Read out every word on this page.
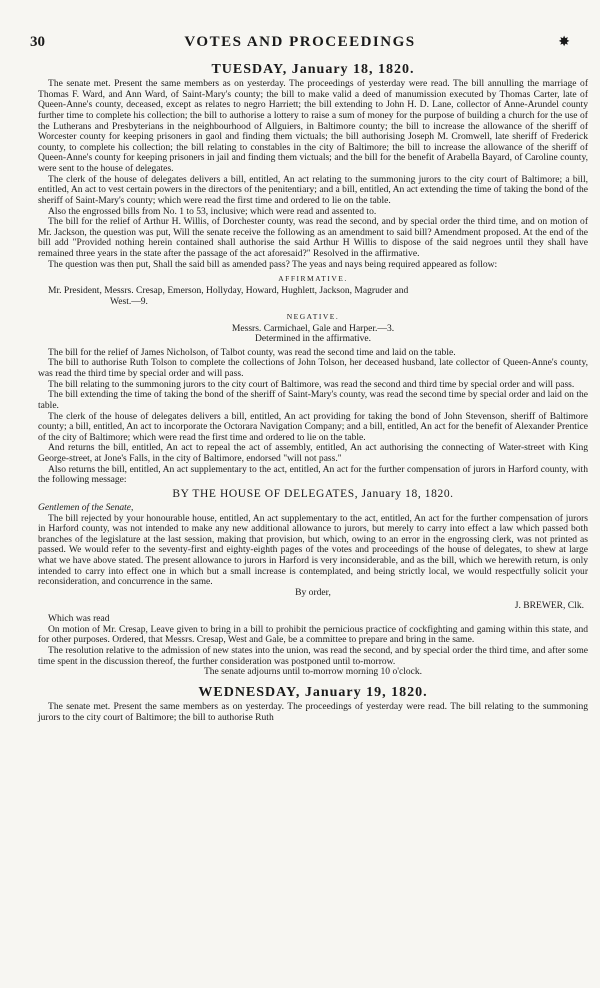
30	VOTES AND PROCEEDINGS	✸
TUESDAY, January 18, 1820.

The senate met. Present the same members as on yesterday. The proceedings of yesterday were read. The bill annulling the marriage of Thomas F. Ward, and Ann Ward, of Saint-Mary's county; the bill to make valid a deed of manumission executed by Thomas Carter, late of Queen-Anne's county, deceased, except as relates to negro Harriett; the bill extending to John H. D. Lane, collector of Anne-Arundel county further time to complete his collection; the bill to authorise a lottery to raise a sum of money for the purpose of building a church for the use of the Lutherans and Presbyterians in the neighbourhood of Allguiers, in Baltimore county; the bill to increase the allowance of the sheriff of Worcester county for keeping prisoners in gaol and finding them victuals; the bill authorising Joseph M. Cromwell, late sheriff of Frederick county, to complete his collection; the bill relating to constables in the city of Baltimore; the bill to increase the allowance of the sheriff of Queen-Anne's county for keeping prisoners in jail and finding them victuals; and the bill for the benefit of Arabella Bayard, of Caroline county, were sent to the house of delegates.

The clerk of the house of delegates delivers a bill, entitled, An act relating to the summoning jurors to the city court of Baltimore; a bill, entitled, An act to vest certain powers in the directors of the penitentiary; and a bill, entitled, An act extending the time of taking the bond of the sheriff of Saint-Mary's county; which were read the first time and ordered to lie on the table.

Also the engrossed bills from No. 1 to 53, inclusive; which were read and assented to.

The bill for the relief of Arthur H. Willis, of Dorchester county, was read the second, and by special order the third time, and on motion of Mr. Jackson, the question was put, Will the senate receive the following as an amendment to said bill? Amendment proposed. At the end of the bill add "Provided nothing herein contained shall authorise the said Arthur H Willis to dispose of the said negroes until they shall have remained three years in the state after the passage of the act aforesaid?" Resolved in the affirmative.

The question was then put, Shall the said bill as amended pass? The yeas and nays being required appeared as follow:

AFFIRMATIVE.

Mr. President, Messrs. Cresap, Emerson, Hollyday, Howard, Hughlett, Jackson, Magruder and
West.—9.

NEGATIVE.

Messrs. Carmichael, Gale and Harper.—3.

Determined in the affirmative.

The bill for the relief of James Nicholson, of Talbot county, was read the second time and laid on the table.

The bill to authorise Ruth Tolson to complete the collections of John Tolson, her deceased husband, late collector of Queen-Anne's county, was read the third time by special order and will pass.

The bill relating to the summoning jurors to the city court of Baltimore, was read the second and third time by special order and will pass.

The bill extending the time of taking the bond of the sheriff of Saint-Mary's county, was read the second time by special order and laid on the table.

The clerk of the house of delegates delivers a bill, entitled, An act providing for taking the bond of John Stevenson, sheriff of Baltimore county; a bill, entitled, An act to incorporate the Octorara Navigation Company; and a bill, entitled, An act for the benefit of Alexander Prentice of the city of Baltimore; which were read the first time and ordered to lie on the table.

And returns the bill, entitled, An act to repeal the act of assembly, entitled, An act authorising the connecting of Water-street with King George-street, at Jone's Falls, in the city of Baltimore, endorsed "will not pass."

Also returns the bill, entitled, An act supplementary to the act, entitled, An act for the further compensation of jurors in Harford county, with the following message:

BY THE HOUSE OF DELEGATES, January 18, 1820.

Gentlemen of the Senate,

The bill rejected by your honourable house, entitled, An act supplementary to the act, entitled, An act for the further compensation of jurors in Harford county, was not intended to make any new additional allowance to jurors, but merely to carry into effect a law which passed both branches of the legislature at the last session, making that provision, but which, owing to an error in the engrossing clerk, was not printed as passed. We would refer to the seventy-first and eighty-eighth pages of the votes and proceedings of the house of delegates, to shew at large what we have above stated. The present allowance to jurors in Harford is very inconsiderable, and as the bill, which we herewith return, is only intended to carry into effect one in which but a small increase is contemplated, and being strictly local, we would respectfully solicit your reconsideration, and concurrence in the same.

By order,

J. BREWER, Clk.

Which was read

On motion of Mr. Cresap, Leave given to bring in a bill to prohibit the pernicious practice of cockfighting and gaming within this state, and for other purposes. Ordered, that Messrs. Cresap, West and Gale, be a committee to prepare and bring in the same.

The resolution relative to the admission of new states into the union, was read the second, and by special order the third time, and after some time spent in the discussion thereof, the further consideration was postponed until to-morrow.

The senate adjourns until to-morrow morning 10 o'clock.

WEDNESDAY, January 19, 1820.

The senate met. Present the same members as on yesterday. The proceedings of yesterday were read. The bill relating to the summoning jurors to the city court of Baltimore; the bill to authorise Ruth
